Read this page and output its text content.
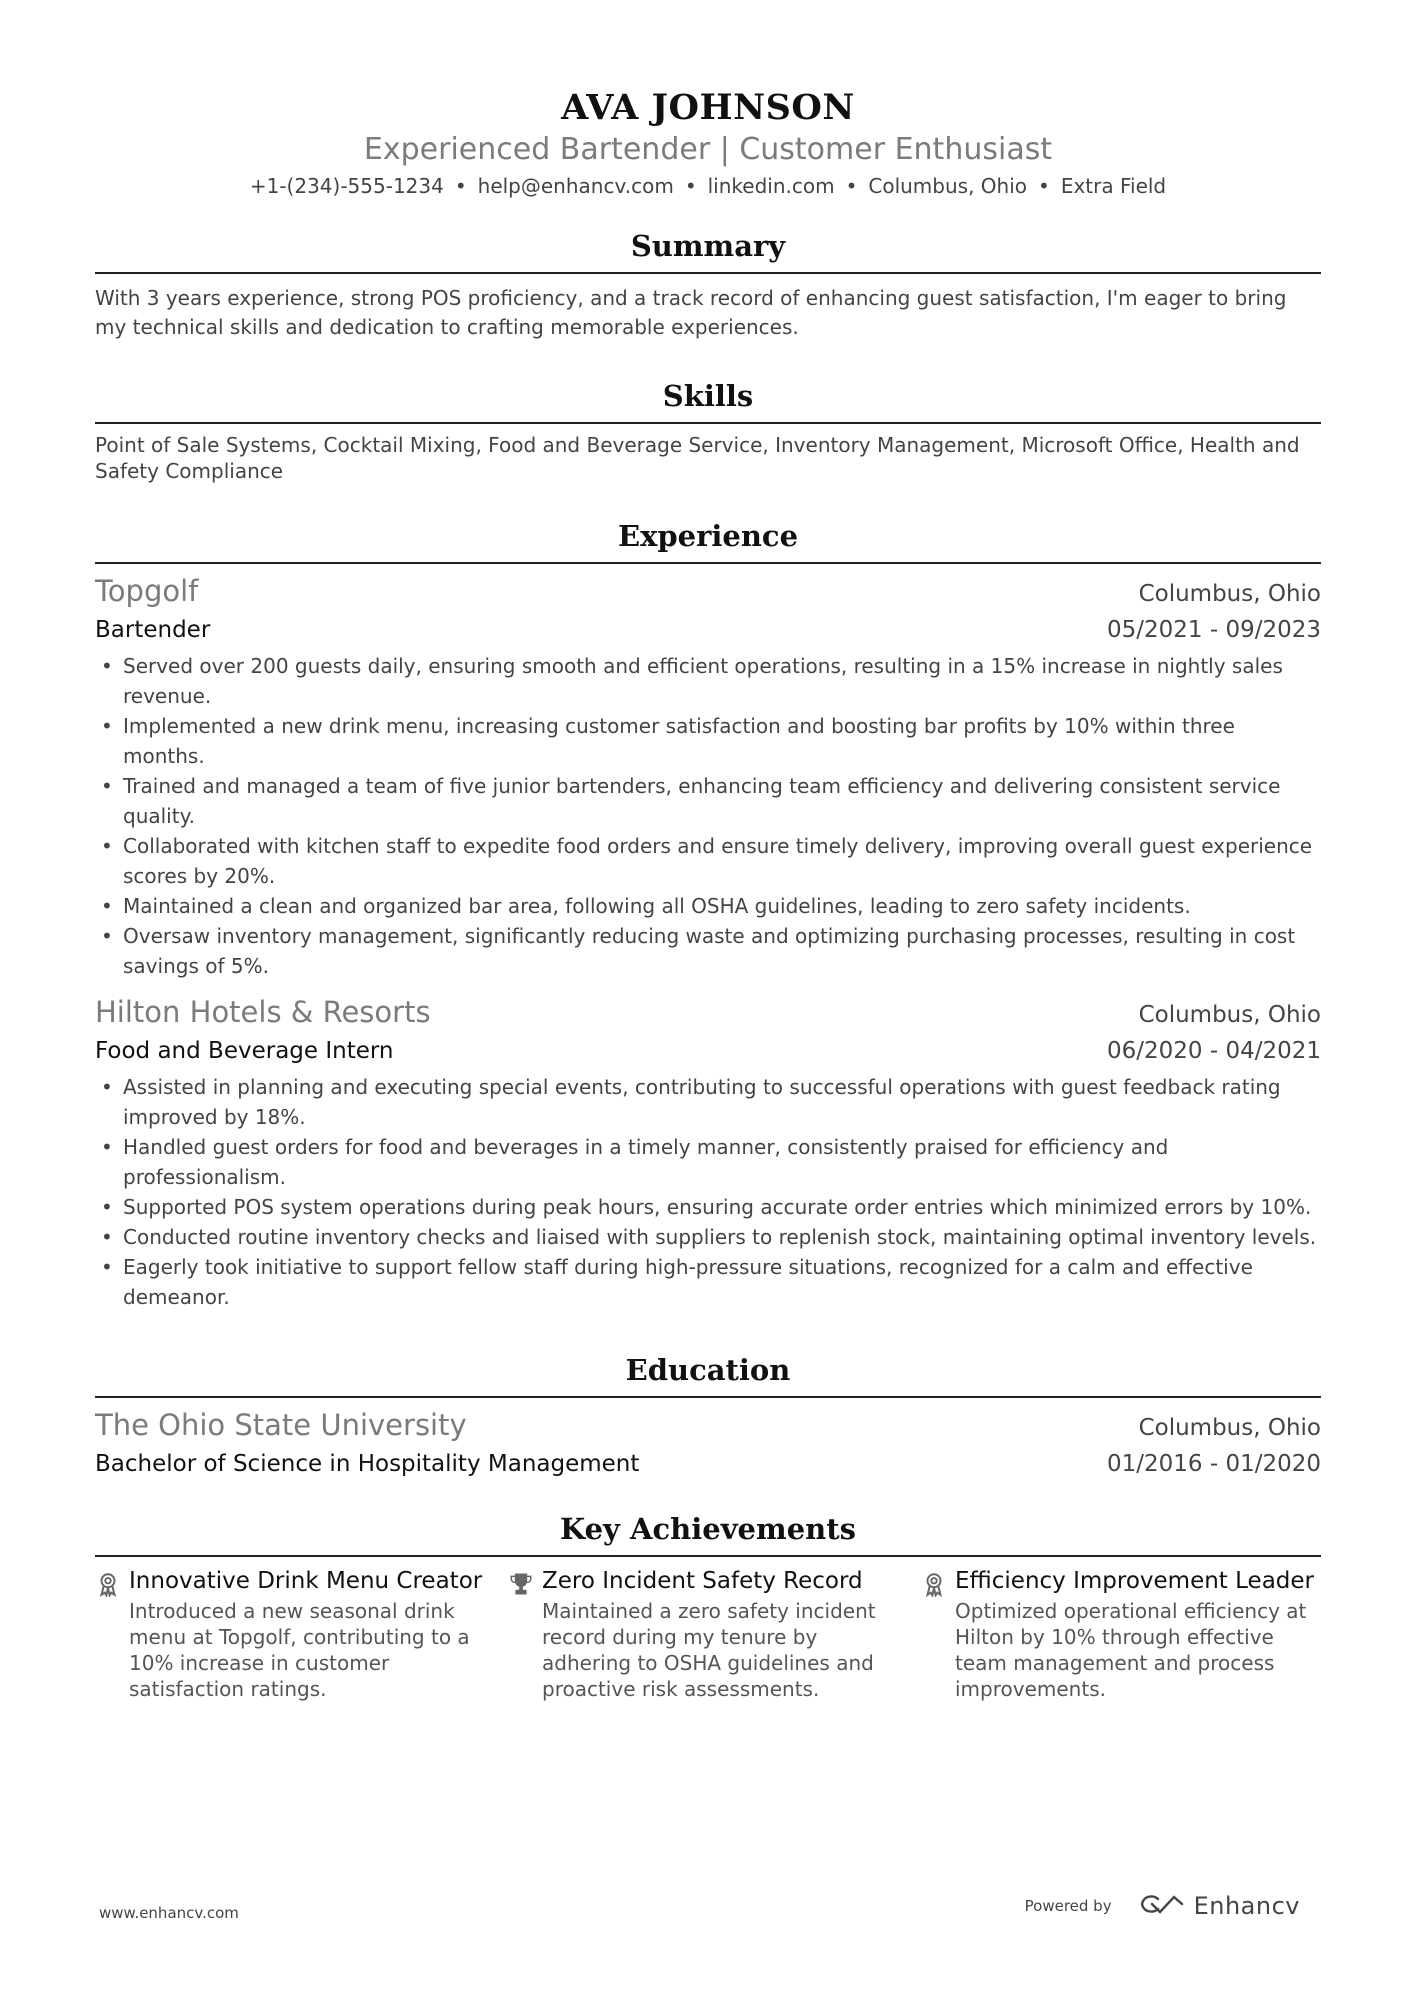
AVA JOHNSON
Experienced Bartender | Customer Enthusiast
+1-(234)-555-1234 • help@enhancv.com • linkedin.com • Columbus, Ohio • Extra Field
Summary

With 3 years experience, strong POS proficiency, and a track record of enhancing guest satisfaction, I'm eager to bring my technical skills and dedication to crafting memorable experiences.

Skills

Point of Sale Systems, Cocktail Mixing, Food and Beverage Service, Inventory Management, Microsoft Office, Health and Safety Compliance

Experience
Topgolf	Columbus, Ohio
Bartender	05/2021 - 09/2023
• Served over 200 guests daily, ensuring smooth and efficient operations, resulting in a 15% increase in nightly sales revenue.
• Implemented a new drink menu, increasing customer satisfaction and boosting bar profits by 10% within three months.
• Trained and managed a team of five junior bartenders, enhancing team efficiency and delivering consistent service quality.
• Collaborated with kitchen staff to expedite food orders and ensure timely delivery, improving overall guest experience scores by 20%.
• Maintained a clean and organized bar area, following all OSHA guidelines, leading to zero safety incidents.
• Oversaw inventory management, significantly reducing waste and optimizing purchasing processes, resulting in cost savings of 5%.
Hilton Hotels & Resorts	Columbus, Ohio
Food and Beverage Intern	06/2020 - 04/2021
• Assisted in planning and executing special events, contributing to successful operations with guest feedback rating improved by 18%.
• Handled guest orders for food and beverages in a timely manner, consistently praised for efficiency and professionalism.
• Supported POS system operations during peak hours, ensuring accurate order entries which minimized errors by 10%.
• Conducted routine inventory checks and liaised with suppliers to replenish stock, maintaining optimal inventory levels.
• Eagerly took initiative to support fellow staff during high-pressure situations, recognized for a calm and effective demeanor.
Education
The Ohio State University	Columbus, Ohio
Bachelor of Science in Hospitality Management	01/2016 - 01/2020
Key Achievements
Innovative Drink Menu Creator
Introduced a new seasonal drink menu at Topgolf, contributing to a 10% increase in customer satisfaction ratings.
Zero Incident Safety Record
Maintained a zero safety incident record during my tenure by adhering to OSHA guidelines and proactive risk assessments.
Efficiency Improvement Leader
Optimized operational efficiency at Hilton by 10% through effective team management and process improvements.
www.enhancv.com	Powered by	Enhancv
